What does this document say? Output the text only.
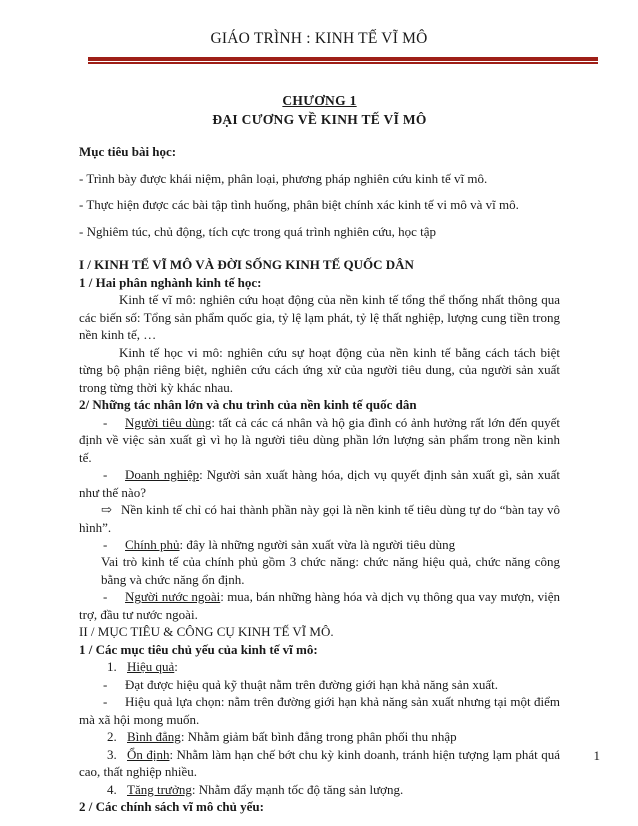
GIÁO TRÌNH : KINH TẾ VĨ MÔ
CHƯƠNG 1
ĐẠI CƯƠNG VỀ KINH TẾ VĨ MÔ

Mục tiêu bài học:

- Trình bày được khái niệm, phân loại, phương pháp nghiên cứu kinh tế vĩ mô.

- Thực hiện được các bài tập tình huống, phân biệt chính xác kinh tế vi mô và vĩ mô.

- Nghiêm túc, chủ động, tích cực trong quá trình nghiên cứu, học tập

I / KINH TẾ VĨ MÔ VÀ ĐỜI SỐNG KINH TẾ QUỐC DÂN

1 / Hai phân nghành kinh tế học:

Kinh tế vĩ mô: nghiên cứu hoạt động của nền kinh tế tổng thể thống nhất thông qua các biến số: Tổng sản phẩm quốc gia, tỷ lệ lạm phát, tỷ lệ thất nghiệp, lượng cung tiền trong nền kinh tế, …

Kinh tế học vi mô: nghiên cứu sự hoạt động của nền kinh tế bằng cách tách biệt từng bộ phận riêng biệt, nghiên cứu cách ứng xử của người tiêu dung, của người sản xuất trong từng thời kỳ khác nhau.

2/ Những tác nhân lớn và chu trình của nền kinh tế quốc dân

- Người tiêu dùng: tất cả các cá nhân và hộ gia đình có ảnh hưởng rất lớn đến quyết định về việc sản xuất gì vì họ là người tiêu dùng phần lớn lượng sản phẩm trong nền kinh tế.

- Doanh nghiệp: Người sản xuất hàng hóa, dịch vụ quyết định sản xuất gì, sản xuất như thế nào?

⇨ Nền kinh tế chỉ có hai thành phần này gọi là nền kinh tế tiêu dùng tự do “bàn tay vô hình”.

- Chính phủ: đây là những người sản xuất vừa là người tiêu dùng

Vai trò kinh tế của chính phủ gồm 3 chức năng: chức năng hiệu quả, chức năng công bằng và chức năng ổn định.

- Người nước ngoài: mua, bán những hàng hóa và dịch vụ thông qua vay mượn, viện trợ, đầu tư nước ngoài.

II / MỤC TIÊU & CÔNG CỤ KINH TẾ VĨ MÔ.

1 / Các mục tiêu chủ yếu của kinh tế vĩ mô:

1. Hiệu quả:

- Đạt được hiệu quả kỹ thuật nằm trên đường giới hạn khả năng sản xuất.

- Hiệu quả lựa chọn: nằm trên đường giới hạn khả năng sản xuất nhưng tại một điểm mà xã hội mong muốn.

2. Bình đẳng: Nhằm giảm bất bình đẳng trong phân phối thu nhập

3. Ổn định: Nhằm làm hạn chế bớt chu kỳ kinh doanh, tránh hiện tượng lạm phát quá cao, thất nghiệp nhiều.

4. Tăng trưởng: Nhằm đẩy mạnh tốc độ tăng sản lượng.

2 / Các chính sách vĩ mô chủ yếu:

1
